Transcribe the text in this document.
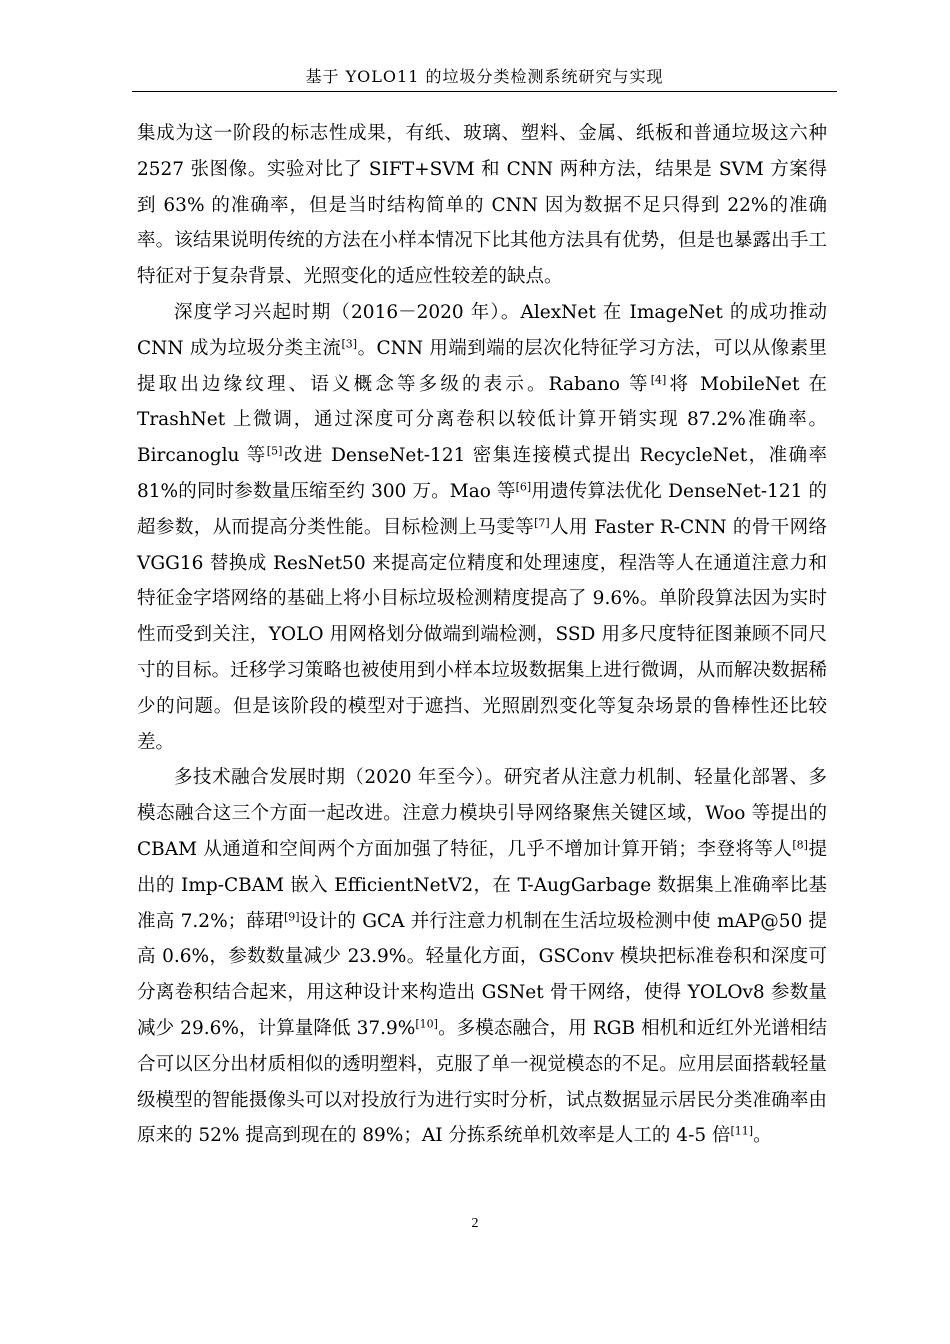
基于 YOLO11 的垃圾分类检测系统研究与实现

集成为这一阶段的标志性成果，有纸、玻璃、塑料、金属、纸板和普通垃圾这六种 2527 张图像。实验对比了 SIFT+SVM 和 CNN 两种方法，结果是 SVM 方案得到 63% 的准确率，但是当时结构简单的 CNN 因为数据不足只得到 22%的准确率。该结果说明传统的方法在小样本情况下比其他方法具有优势，但是也暴露出手工特征对于复杂背景、光照变化的适应性较差的缺点。

深度学习兴起时期（2016－2020 年）。AlexNet 在 ImageNet 的成功推动 CNN 成为垃圾分类主流[3]。CNN 用端到端的层次化特征学习方法，可以从像素里提取出边缘纹理、语义概念等多级的表示。Rabano 等[4]将 MobileNet 在 TrashNet 上微调，通过深度可分离卷积以较低计算开销实现 87.2%准确率。Bircanoglu 等[5]改进 DenseNet-121 密集连接模式提出 RecycleNet，准确率 81%的同时参数量压缩至约 300 万。Mao 等[6]用遗传算法优化 DenseNet-121 的超参数，从而提高分类性能。目标检测上马雯等[7]人用 Faster R-CNN 的骨干网络 VGG16 替换成 ResNet50 来提高定位精度和处理速度，程浩等人在通道注意力和特征金字塔网络的基础上将小目标垃圾检测精度提高了 9.6%。单阶段算法因为实时性而受到关注，YOLO 用网格划分做端到端检测，SSD 用多尺度特征图兼顾不同尺寸的目标。迁移学习策略也被使用到小样本垃圾数据集上进行微调，从而解决数据稀少的问题。但是该阶段的模型对于遮挡、光照剧烈变化等复杂场景的鲁棒性还比较差。

多技术融合发展时期（2020 年至今）。研究者从注意力机制、轻量化部署、多模态融合这三个方面一起改进。注意力模块引导网络聚焦关键区域，Woo 等提出的 CBAM 从通道和空间两个方面加强了特征，几乎不增加计算开销；李登将等人[8]提出的 Imp-CBAM 嵌入 EfficientNetV2，在 T-AugGarbage 数据集上准确率比基准高 7.2%；薛珺[9]设计的 GCA 并行注意力机制在生活垃圾检测中使 mAP@50 提高 0.6%，参数数量减少 23.9%。轻量化方面，GSConv 模块把标准卷积和深度可分离卷积结合起来，用这种设计来构造出 GSNet 骨干网络，使得 YOLOv8 参数量减少 29.6%，计算量降低 37.9%[10]。多模态融合，用 RGB 相机和近红外光谱相结合可以区分出材质相似的透明塑料，克服了单一视觉模态的不足。应用层面搭载轻量级模型的智能摄像头可以对投放行为进行实时分析，试点数据显示居民分类准确率由原来的 52% 提高到现在的 89%；AI 分拣系统单机效率是人工的 4-5 倍[11]。

2
